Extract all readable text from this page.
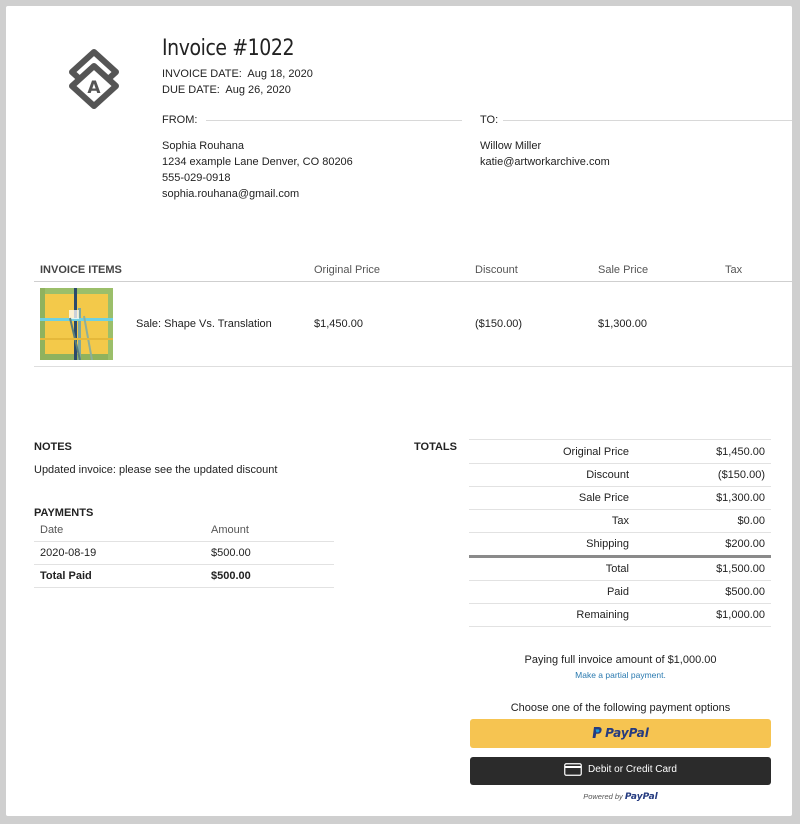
A
Invoice #1022
INVOICE DATE: Aug 18, 2020
DUE DATE: Aug 26, 2020
FROM:	TO:
Sophia Rouhana
1234 example Lane Denver, CO 80206
555-029-0918
sophia.rouhana@gmail.com
Willow Miller
katie@artworkarchive.com
INVOICE ITEMS	Original Price	Discount	Sale Price	Tax
Sale: Shape Vs. Translation	$1,450.00	($150.00)	$1,300.00
NOTES
Updated invoice: please see the updated discount
PAYMENTS
Date	Amount
2020-08-19	$500.00
Total Paid	$500.00
TOTALS	Original Price	$1,450.00
Discount	($150.00)
Sale Price	$1,300.00
Tax	$0.00
Shipping	$200.00
Total	$1,500.00
Paid	$500.00
Remaining	$1,000.00
Paying full invoice amount of $1,000.00
Make a partial payment.
Choose one of the following payment options
PayPal
Debit or Credit Card
Powered by PayPal
